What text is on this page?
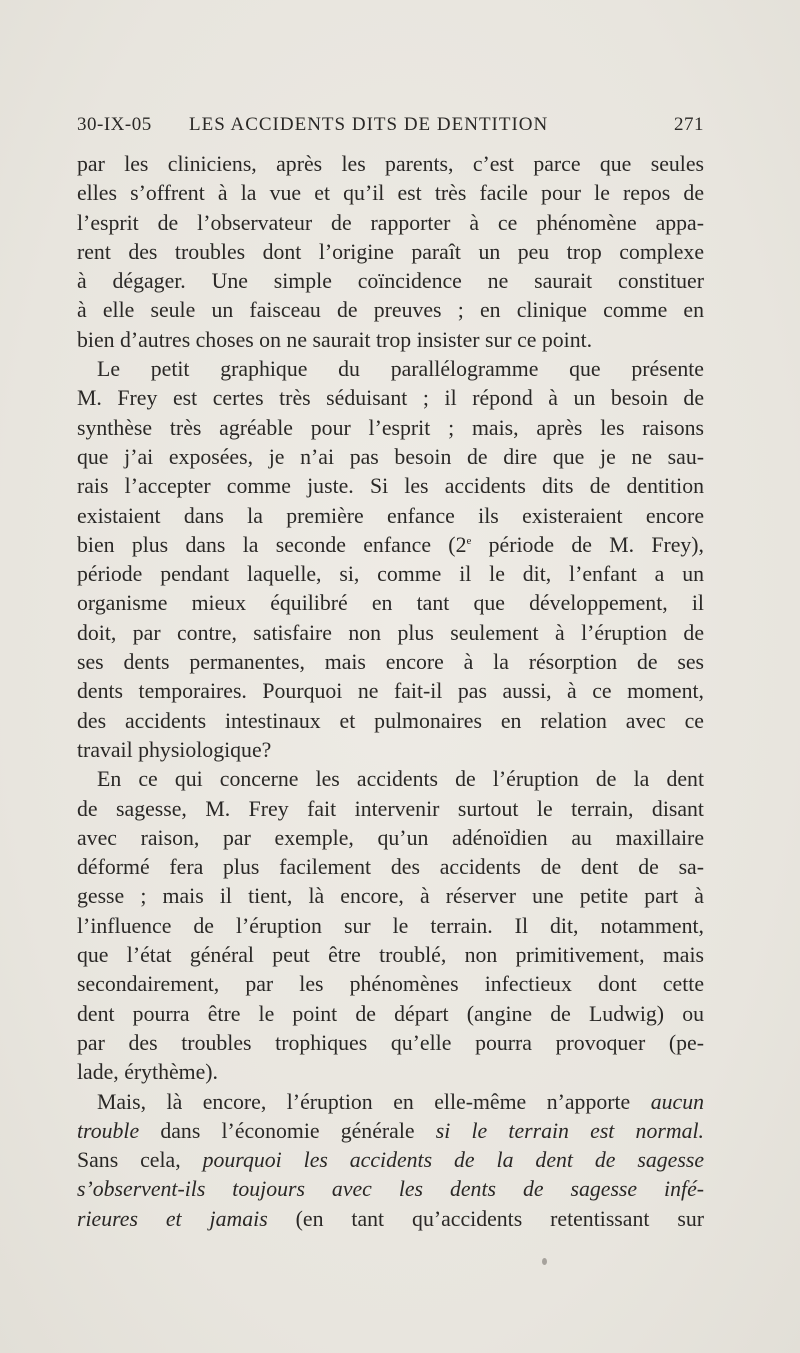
30-IX-05 LES ACCIDENTS DITS DE DENTITION	271
par les cliniciens, après les parents, c’est parce que seules
elles s’offrent à la vue et qu’il est très facile pour le repos de
l’esprit de l’observateur de rapporter à ce phénomène appa-
rent des troubles dont l’origine paraît un peu trop complexe
à dégager. Une simple coïncidence ne saurait constituer
à elle seule un faisceau de preuves ; en clinique comme en
bien d’autres choses on ne saurait trop insister sur ce point.
Le petit graphique du parallélogramme que présente
M. Frey est certes très séduisant ; il répond à un besoin de
synthèse très agréable pour l’esprit ; mais, après les raisons
que j’ai exposées, je n’ai pas besoin de dire que je ne sau-
rais l’accepter comme juste. Si les accidents dits de dentition
existaient dans la première enfance ils existeraient encore
bien plus dans la seconde enfance (2e période de M. Frey),
période pendant laquelle, si, comme il le dit, l’enfant a un
organisme mieux équilibré en tant que développement, il
doit, par contre, satisfaire non plus seulement à l’éruption de
ses dents permanentes, mais encore à la résorption de ses
dents temporaires. Pourquoi ne fait-il pas aussi, à ce moment,
des accidents intestinaux et pulmonaires en relation avec ce
travail physiologique?
En ce qui concerne les accidents de l’éruption de la dent
de sagesse, M. Frey fait intervenir surtout le terrain, disant
avec raison, par exemple, qu’un adénoïdien au maxillaire
déformé fera plus facilement des accidents de dent de sa-
gesse ; mais il tient, là encore, à réserver une petite part à
l’influence de l’éruption sur le terrain. Il dit, notamment,
que l’état général peut être troublé, non primitivement, mais
secondairement, par les phénomènes infectieux dont cette
dent pourra être le point de départ (angine de Ludwig) ou
par des troubles trophiques qu’elle pourra provoquer (pe-
lade, érythème).
Mais, là encore, l’éruption en elle-même n’apporte aucun
trouble dans l’économie générale si le terrain est normal.
Sans cela, pourquoi les accidents de la dent de sagesse
s’observent-ils toujours avec les dents de sagesse infé-
rieures et jamais (en tant qu’accidents retentissant sur
